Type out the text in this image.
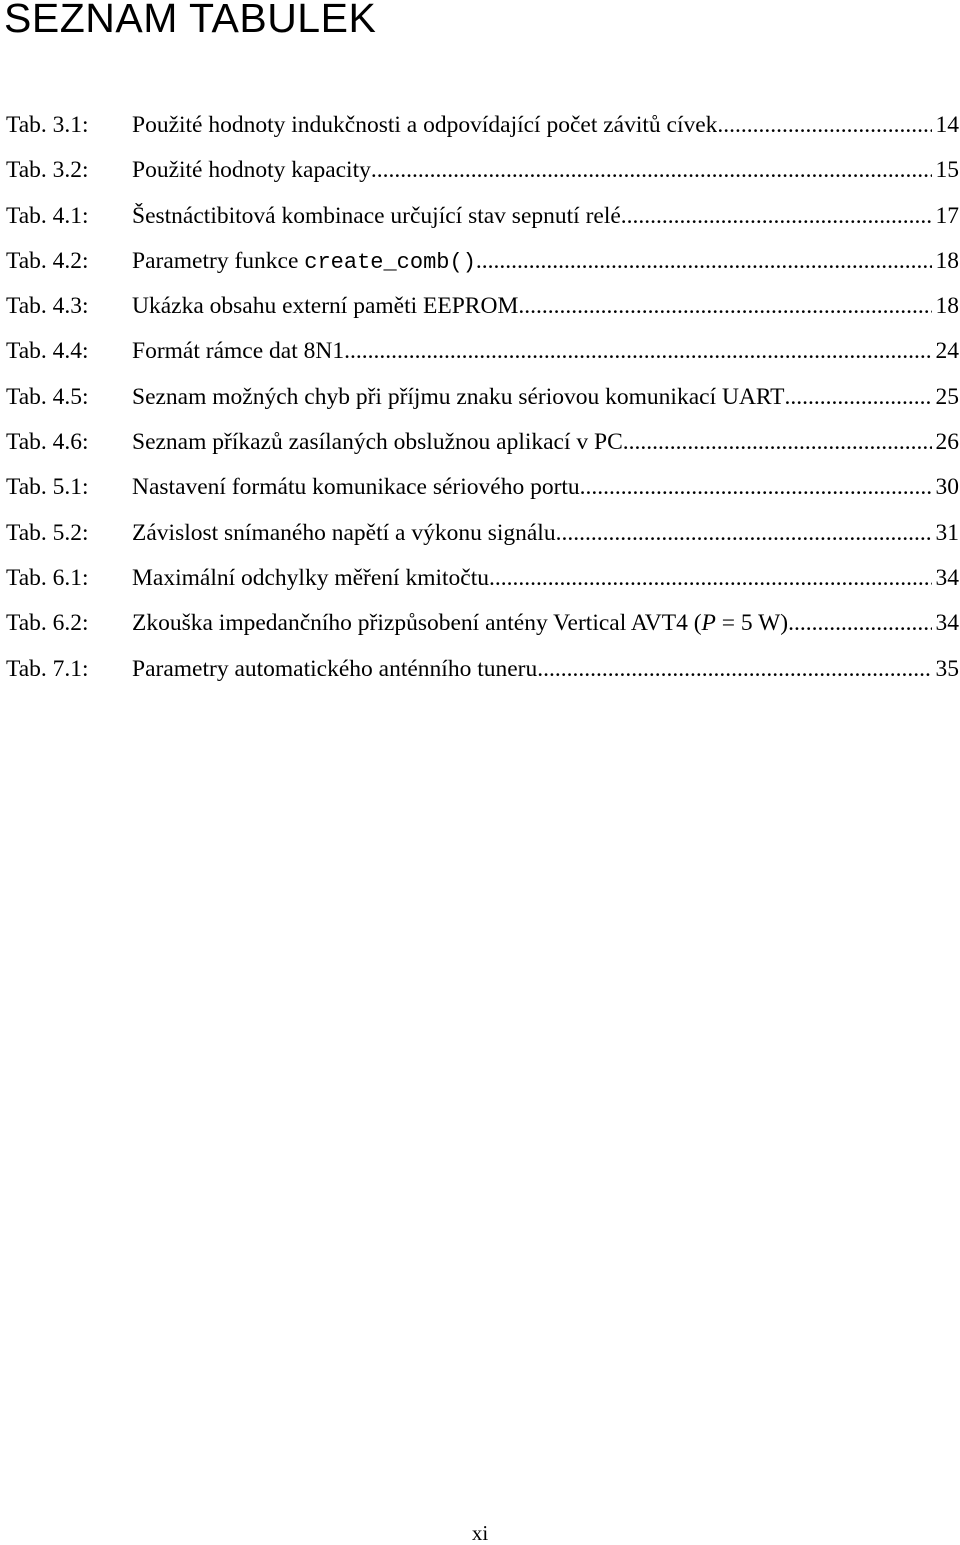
SEZNAM TABULEK
Tab. 3.1:	Použité hodnoty indukčnosti a odpovídající počet závitů cívek .....	14
Tab. 3.2:	Použité hodnoty kapacity .....	15
Tab. 4.1:	Šestnáctibitová kombinace určující stav sepnutí relé .....	17
Tab. 4.2:	Parametry funkce create_comb() .....	18
Tab. 4.3:	Ukázka obsahu externí paměti EEPROM .....	18
Tab. 4.4:	Formát rámce dat 8N1 .....	24
Tab. 4.5:	Seznam možných chyb při příjmu znaku sériovou komunikací UART .....	25
Tab. 4.6:	Seznam příkazů zasílaných obslužnou aplikací v PC .....	26
Tab. 5.1:	Nastavení formátu komunikace sériového portu .....	30
Tab. 5.2:	Závislost snímaného napětí a výkonu signálu .....	31
Tab. 6.1:	Maximální odchylky měření kmitočtu .....	34
Tab. 6.2:	Zkouška impedančního přizpůsobení antény Vertical AVT4 (P = 5 W) .....	34
Tab. 7.1:	Parametry automatického anténního tuneru .....	35
xi
